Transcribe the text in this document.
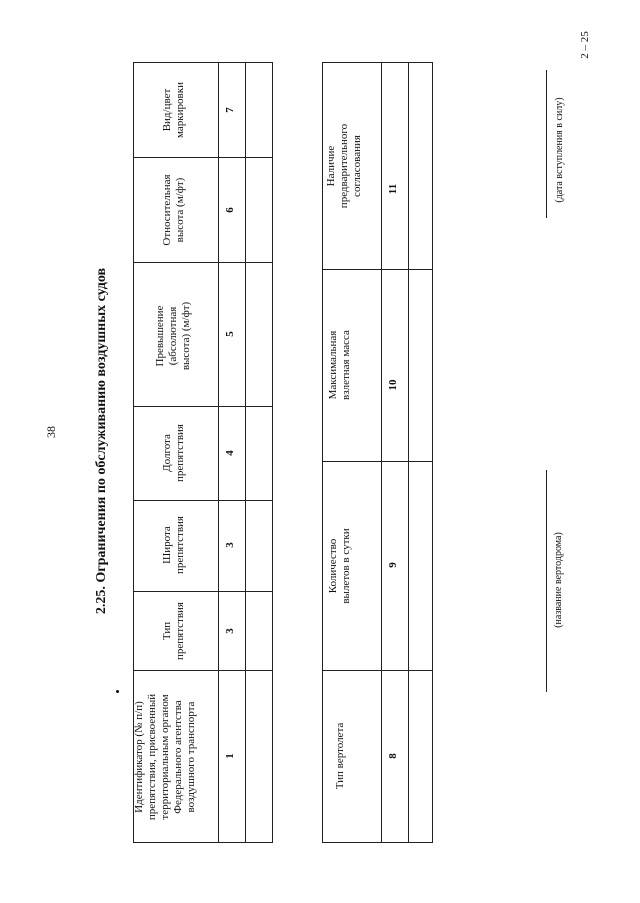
2 – 25
38	2.25. Ограничения по обслуживанию воздушных судов
Идентификатор (№ п/п) препятствия, присвоенный территориальным органом Федерального агентства воздушного транспорта
Тип препятствия
Широта препятствия
Долгота препятствия
Превышение (абсолютная высота) (м/фт)
Относительная высота (м/фт)
Вид/цвет маркировки
1
3
3
4
5
6
7
Тип вертолета
Количество вылетов в сутки
Максимальная взлетная масса
Наличие предварительного согласования
8
9
10
11
(название вертодрома)
(дата вступления в силу)
